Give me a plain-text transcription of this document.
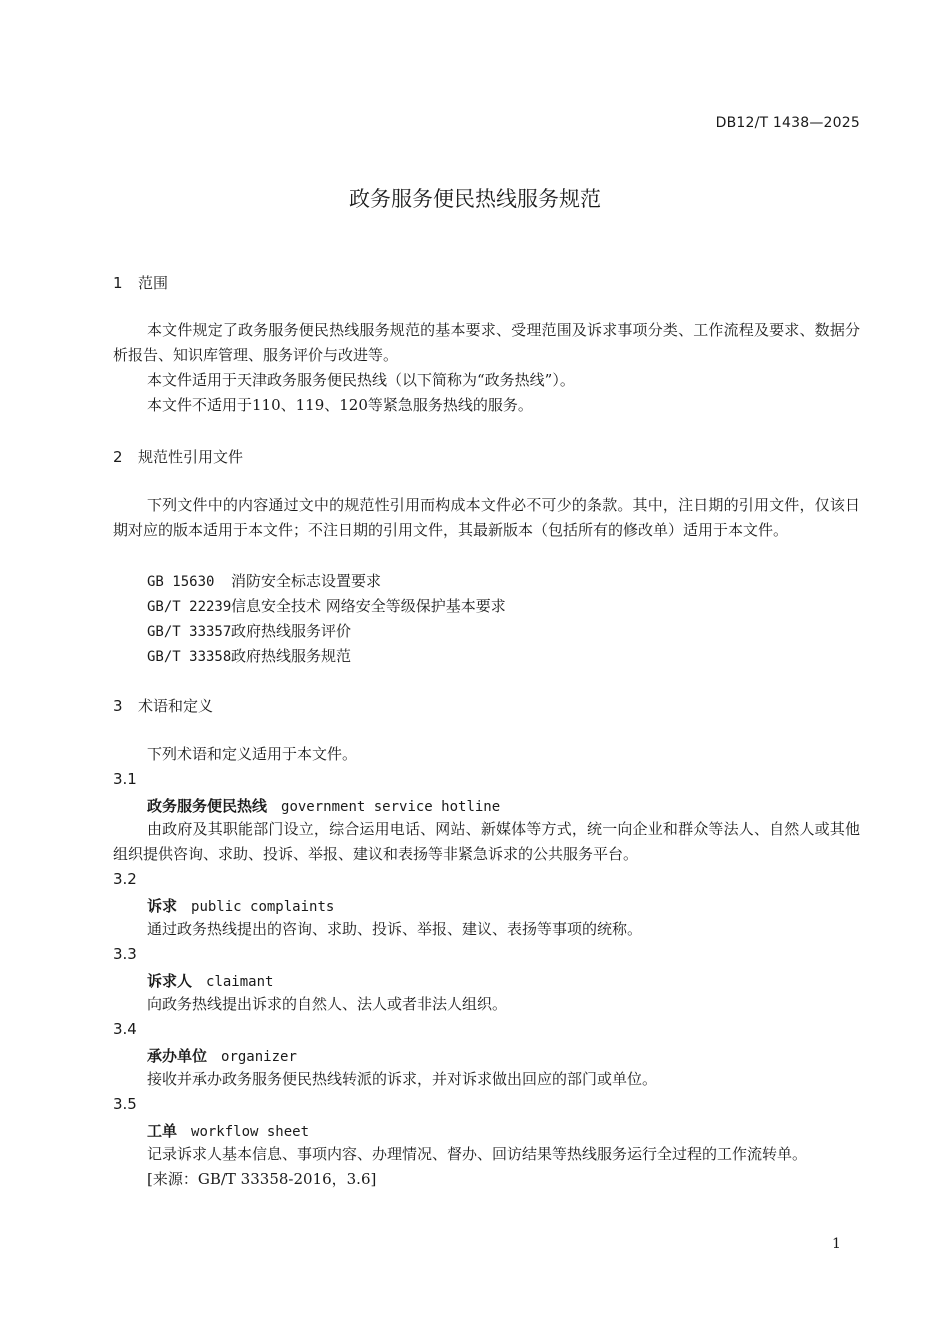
DB12/T 1438—2025
政务服务便民热线服务规范
1 范围
本文件规定了政务服务便民热线服务规范的基本要求、受理范围及诉求事项分类、工作流程及要求、数据分析报告、知识库管理、服务评价与改进等。
本文件适用于天津政务服务便民热线（以下简称为“政务热线”）。
本文件不适用于110、119、120等紧急服务热线的服务。
2 规范性引用文件
下列文件中的内容通过文中的规范性引用而构成本文件必不可少的条款。其中，注日期的引用文件，仅该日期对应的版本适用于本文件；不注日期的引用文件，其最新版本（包括所有的修改单）适用于本文件。
GB 15630 消防安全标志设置要求
GB/T 22239信息安全技术 网络安全等级保护基本要求
GB/T 33357政府热线服务评价
GB/T 33358政府热线服务规范
3 术语和定义
下列术语和定义适用于本文件。
3.1
政务服务便民热线 government service hotline
由政府及其职能部门设立，综合运用电话、网站、新媒体等方式，统一向企业和群众等法人、自然人或其他组织提供咨询、求助、投诉、举报、建议和表扬等非紧急诉求的公共服务平台。
3.2
诉求 public complaints
通过政务热线提出的咨询、求助、投诉、举报、建议、表扬等事项的统称。
3.3
诉求人 claimant
向政务热线提出诉求的自然人、法人或者非法人组织。
3.4
承办单位 organizer
接收并承办政务服务便民热线转派的诉求，并对诉求做出回应的部门或单位。
3.5
工单 workflow sheet
记录诉求人基本信息、事项内容、办理情况、督办、回访结果等热线服务运行全过程的工作流转单。
[来源：GB/T 33358-2016，3.6]
1
